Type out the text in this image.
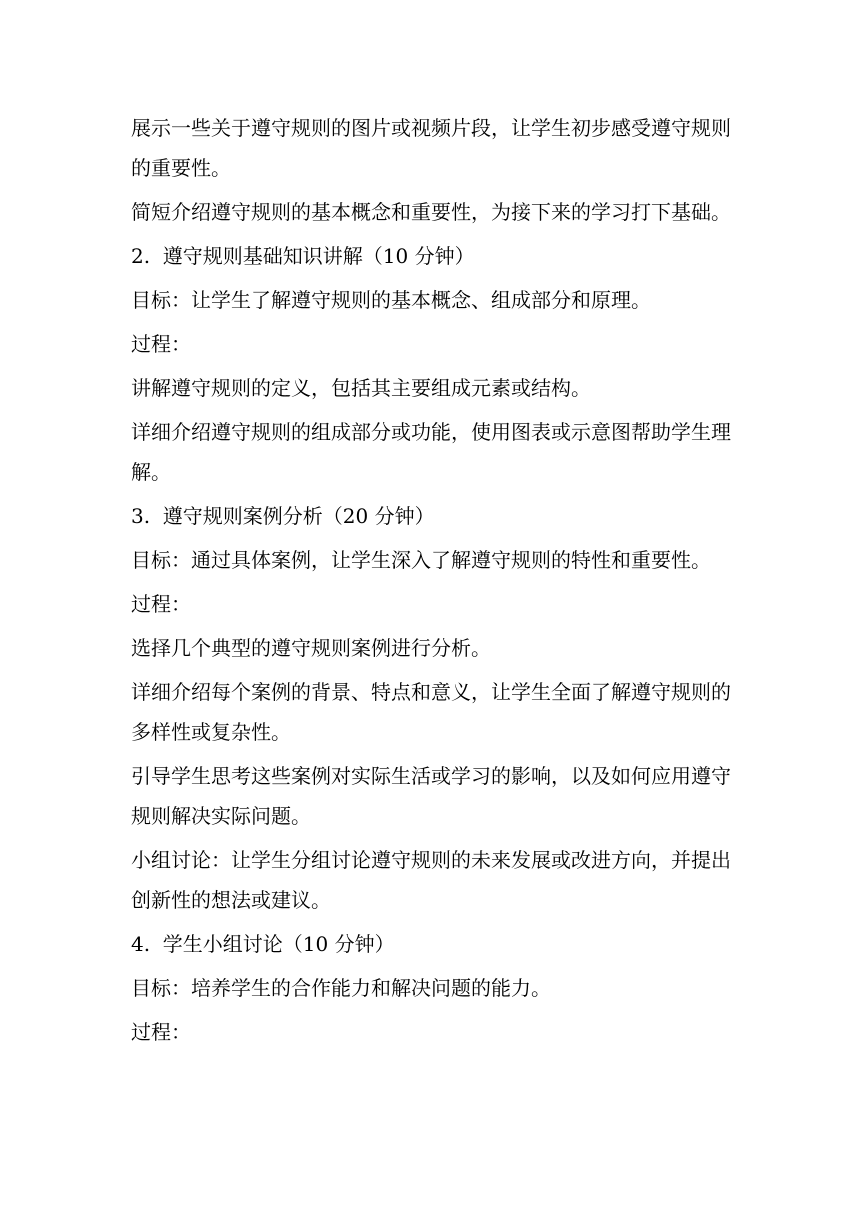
展示一些关于遵守规则的图片或视频片段，让学生初步感受遵守规则的重要性。

简短介绍遵守规则的基本概念和重要性，为接下来的学习打下基础。

2.  遵守规则基础知识讲解（10 分钟）

目标：让学生了解遵守规则的基本概念、组成部分和原理。

过程：

讲解遵守规则的定义，包括其主要组成元素或结构。

详细介绍遵守规则的组成部分或功能，使用图表或示意图帮助学生理解。

3.  遵守规则案例分析（20 分钟）

目标：通过具体案例，让学生深入了解遵守规则的特性和重要性。

过程：

选择几个典型的遵守规则案例进行分析。

详细介绍每个案例的背景、特点和意义，让学生全面了解遵守规则的多样性或复杂性。

引导学生思考这些案例对实际生活或学习的影响，以及如何应用遵守规则解决实际问题。

小组讨论：让学生分组讨论遵守规则的未来发展或改进方向，并提出创新性的想法或建议。

4.  学生小组讨论（10 分钟）

目标：培养学生的合作能力和解决问题的能力。

过程：
